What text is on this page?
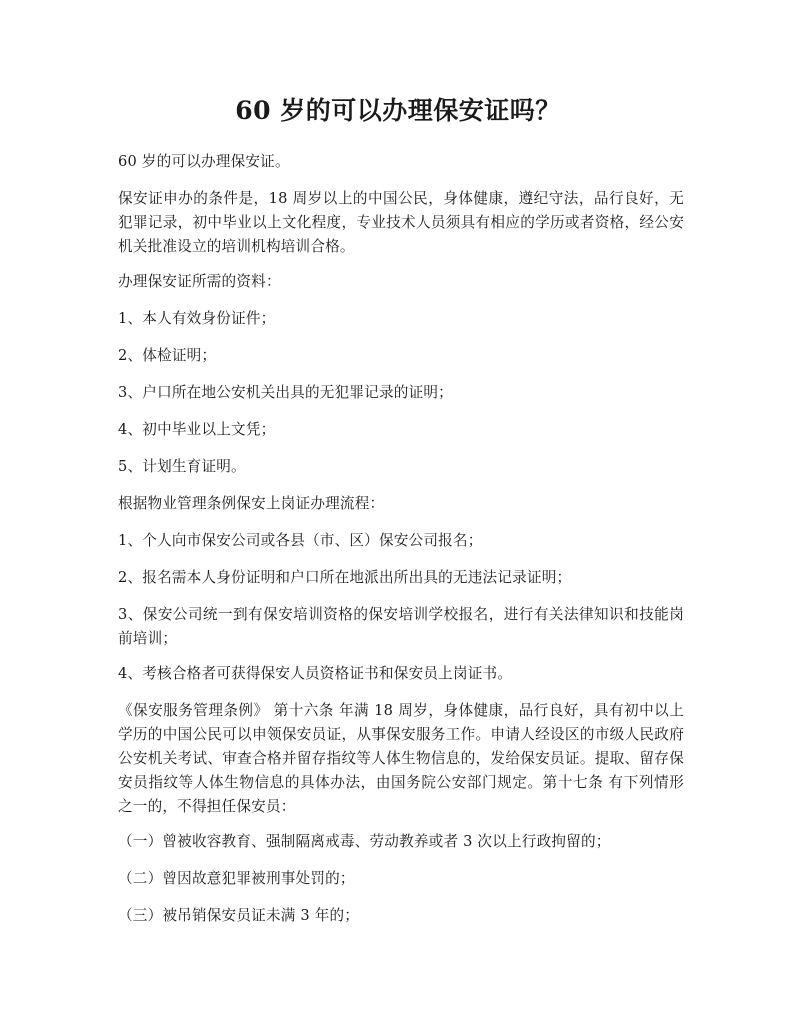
60 岁的可以办理保安证吗？

60 岁的可以办理保安证。

保安证申办的条件是，18 周岁以上的中国公民，身体健康，遵纪守法，品行良好，无犯罪记录，初中毕业以上文化程度，专业技术人员须具有相应的学历或者资格，经公安机关批准设立的培训机构培训合格。

办理保安证所需的资料：

1、本人有效身份证件；

2、体检证明；

3、户口所在地公安机关出具的无犯罪记录的证明；

4、初中毕业以上文凭；

5、计划生育证明。

根据物业管理条例保安上岗证办理流程：

1、个人向市保安公司或各县（市、区）保安公司报名；

2、报名需本人身份证明和户口所在地派出所出具的无违法记录证明；

3、保安公司统一到有保安培训资格的保安培训学校报名，进行有关法律知识和技能岗前培训；

4、考核合格者可获得保安人员资格证书和保安员上岗证书。

《保安服务管理条例》 第十六条 年满 18 周岁，身体健康，品行良好，具有初中以上学历的中国公民可以申领保安员证，从事保安服务工作。申请人经设区的市级人民政府公安机关考试、审查合格并留存指纹等人体生物信息的，发给保安员证。提取、留存保安员指纹等人体生物信息的具体办法，由国务院公安部门规定。第十七条 有下列情形之一的，不得担任保安员：

（一）曾被收容教育、强制隔离戒毒、劳动教养或者 3 次以上行政拘留的；

（二）曾因故意犯罪被刑事处罚的；

（三）被吊销保安员证未满 3 年的；
